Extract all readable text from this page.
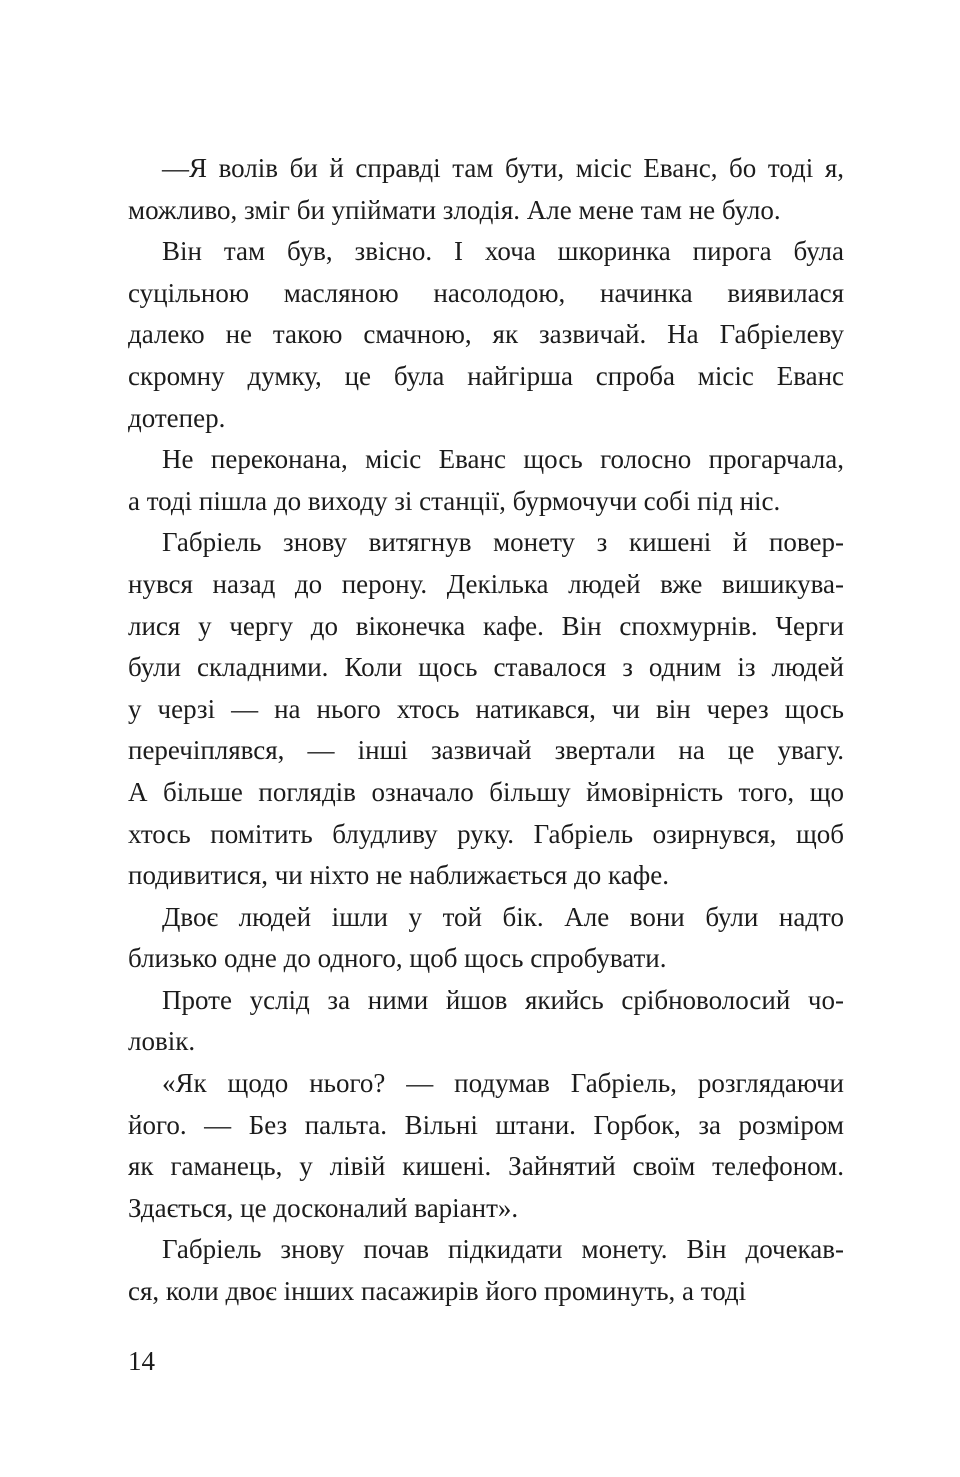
—Я волів би й справді там бути, місіс Еванс, бо тоді я,
можливо, зміг би упіймати злодія. Але мене там не було.

Він там був, звісно. І хоча шкоринка пирога була
суцільною масляною насолодою, начинка виявилася
далеко не такою смачною, як зазвичай. На Габріелеву
скромну думку, це була найгірша спроба місіс Еванс
дотепер.

Не переконана, місіс Еванс щось голосно прогарчала,
а тоді пішла до виходу зі станції, бурмочучи собі під ніс.

Габріель знову витягнув монету з кишені й повер-
нувся назад до перону. Декілька людей вже вишикува-
лися у чергу до віконечка кафе. Він спохмурнів. Черги
були складними. Коли щось ставалося з одним із людей
у черзі — на нього хтось натикався, чи він через щось
перечіплявся, — інші зазвичай звертали на це увагу.
А більше поглядів означало більшу ймовірність того, що
хтось помітить блудливу руку. Габріель озирнувся, щоб
подивитися, чи ніхто не наближається до кафе.

Двоє людей ішли у той бік. Але вони були надто
близько одне до одного, щоб щось спробувати.

Проте услід за ними йшов якийсь срібноволосий чо-
ловік.

«Як щодо нього? — подумав Габріель, розглядаючи
його. — Без пальта. Вільні штани. Горбок, за розміром
як гаманець, у лівій кишені. Зайнятий своїм телефоном.
Здається, це досконалий варіант».

Габріель знову почав підкидати монету. Він дочекав-
ся, коли двоє інших пасажирів його проминуть, а тоді

14
